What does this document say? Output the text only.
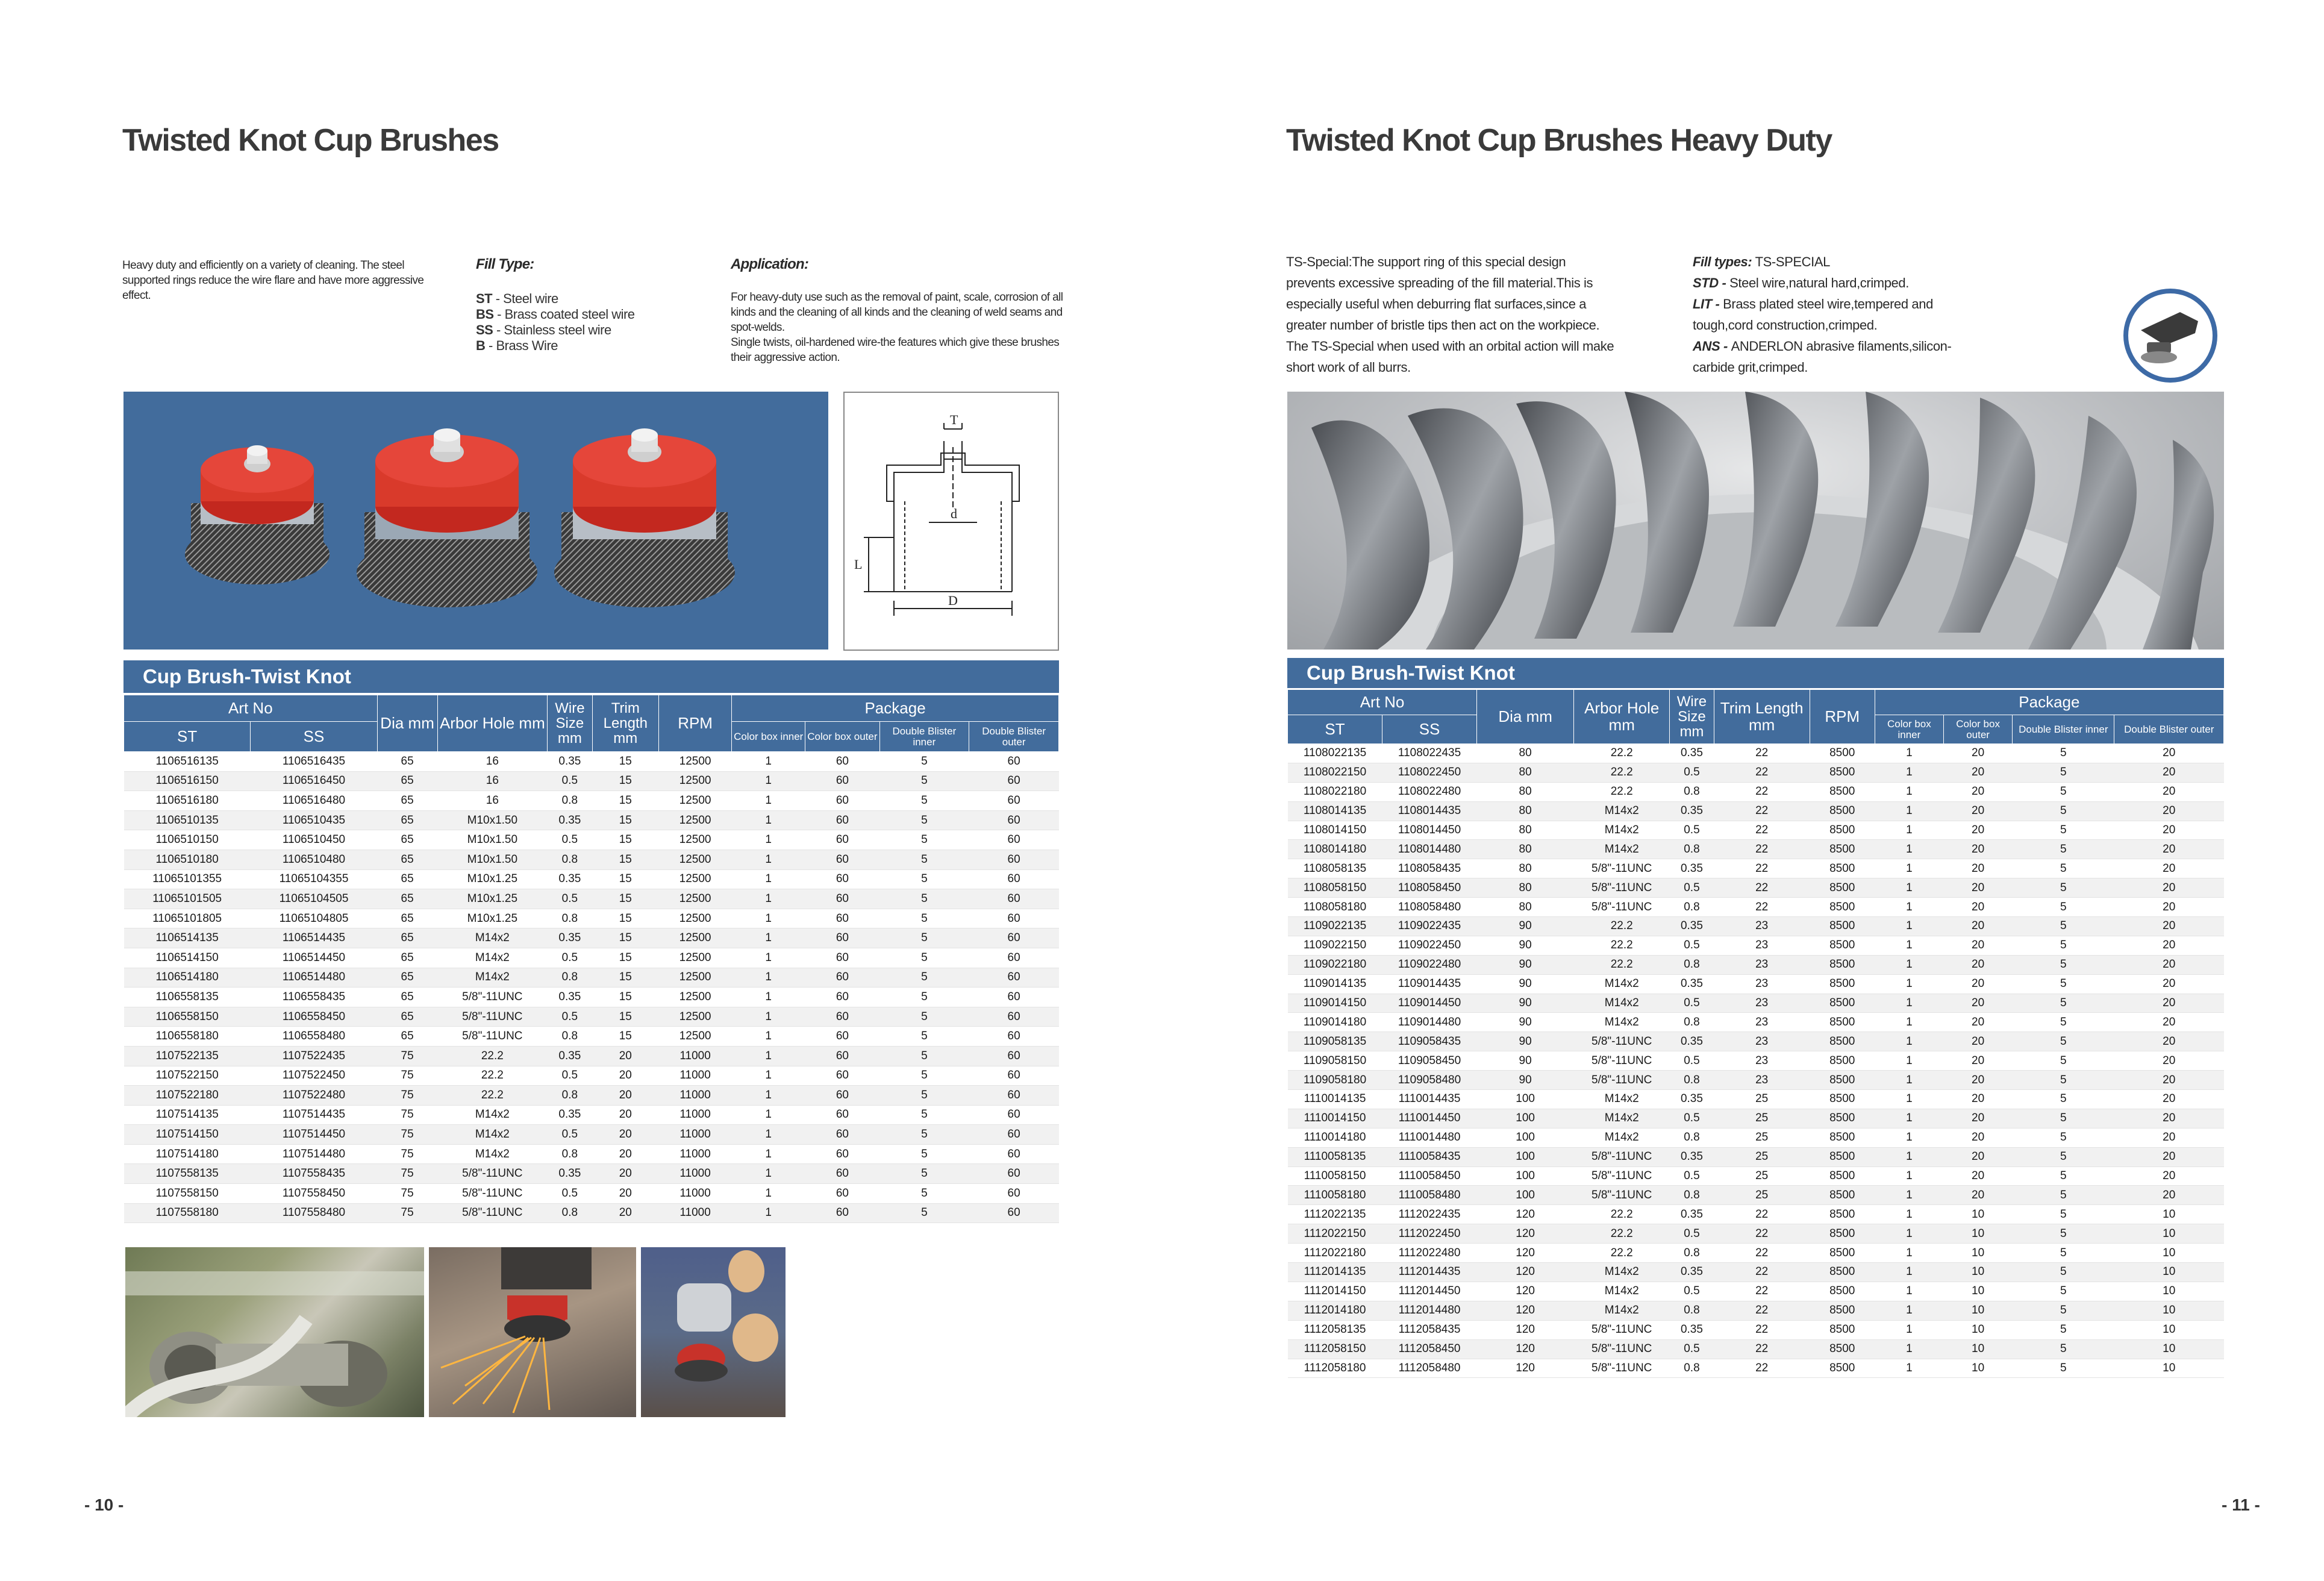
Twisted Knot Cup Brushes
Heavy duty and efficiently on a variety of cleaning. The steel supported rings reduce the wire flare and have more aggressive effect.
Fill Type:
ST - Steel wire
BS - Brass coated steel wire
SS - Stainless steel wire
B - Brass Wire
Application:
For heavy-duty use such as the removal of paint, scale, corrosion of all kinds and the cleaning of all kinds and the cleaning of weld seams and spot-welds.
Single twists, oil-hardened wire-the features which give these brushes their aggressive action.
T
d
L
D
Cup Brush-Twist Knot
Art No		Dia mm	Arbor Hole mm	Wire Size mm	Trim Length mm	RPM	Package			
ST	SS						Color box inner	Color box outer	Double Blister inner	Double Blister outer
1106516135	1106516435	65	16	0.35	15	12500	1	60	5	60
1106516150	1106516450	65	16	0.5	15	12500	1	60	5	60
1106516180	1106516480	65	16	0.8	15	12500	1	60	5	60
1106510135	1106510435	65	M10x1.50	0.35	15	12500	1	60	5	60
1106510150	1106510450	65	M10x1.50	0.5	15	12500	1	60	5	60
1106510180	1106510480	65	M10x1.50	0.8	15	12500	1	60	5	60
11065101355	11065104355	65	M10x1.25	0.35	15	12500	1	60	5	60
11065101505	11065104505	65	M10x1.25	0.5	15	12500	1	60	5	60
11065101805	11065104805	65	M10x1.25	0.8	15	12500	1	60	5	60
1106514135	1106514435	65	M14x2	0.35	15	12500	1	60	5	60
1106514150	1106514450	65	M14x2	0.5	15	12500	1	60	5	60
1106514180	1106514480	65	M14x2	0.8	15	12500	1	60	5	60
1106558135	1106558435	65	5/8"-11UNC	0.35	15	12500	1	60	5	60
1106558150	1106558450	65	5/8"-11UNC	0.5	15	12500	1	60	5	60
1106558180	1106558480	65	5/8"-11UNC	0.8	15	12500	1	60	5	60
1107522135	1107522435	75	22.2	0.35	20	11000	1	60	5	60
1107522150	1107522450	75	22.2	0.5	20	11000	1	60	5	60
1107522180	1107522480	75	22.2	0.8	20	11000	1	60	5	60
1107514135	1107514435	75	M14x2	0.35	20	11000	1	60	5	60
1107514150	1107514450	75	M14x2	0.5	20	11000	1	60	5	60
1107514180	1107514480	75	M14x2	0.8	20	11000	1	60	5	60
1107558135	1107558435	75	5/8"-11UNC	0.35	20	11000	1	60	5	60
1107558150	1107558450	75	5/8"-11UNC	0.5	20	11000	1	60	5	60
1107558180	1107558480	75	5/8"-11UNC	0.8	20	11000	1	60	5	60
- 10 -
Twisted Knot Cup Brushes Heavy Duty
TS-Special:The support ring of this special design prevents excessive spreading of the fill material.This is especially useful when deburring flat surfaces,since a greater number of bristle tips then act on the workpiece. The TS-Special when used with an orbital action will make short work of all burrs.
Fill types: TS-SPECIAL
STD - Steel wire,natural hard,crimped.
LIT - Brass plated steel wire,tempered and tough,cord construction,crimped.
ANS - ANDERLON abrasive filaments,silicon-carbide grit,crimped.
Cup Brush-Twist Knot
Art No		Dia mm	Arbor Hole mm	Wire Size mm	Trim Length mm	RPM	Package			
ST	SS						Color box inner	Color box outer	Double Blister inner	Double Blister outer
1108022135	1108022435	80	22.2	0.35	22	8500	1	20	5	20
1108022150	1108022450	80	22.2	0.5	22	8500	1	20	5	20
1108022180	1108022480	80	22.2	0.8	22	8500	1	20	5	20
1108014135	1108014435	80	M14x2	0.35	22	8500	1	20	5	20
1108014150	1108014450	80	M14x2	0.5	22	8500	1	20	5	20
1108014180	1108014480	80	M14x2	0.8	22	8500	1	20	5	20
1108058135	1108058435	80	5/8"-11UNC	0.35	22	8500	1	20	5	20
1108058150	1108058450	80	5/8"-11UNC	0.5	22	8500	1	20	5	20
1108058180	1108058480	80	5/8"-11UNC	0.8	22	8500	1	20	5	20
1109022135	1109022435	90	22.2	0.35	23	8500	1	20	5	20
1109022150	1109022450	90	22.2	0.5	23	8500	1	20	5	20
1109022180	1109022480	90	22.2	0.8	23	8500	1	20	5	20
1109014135	1109014435	90	M14x2	0.35	23	8500	1	20	5	20
1109014150	1109014450	90	M14x2	0.5	23	8500	1	20	5	20
1109014180	1109014480	90	M14x2	0.8	23	8500	1	20	5	20
1109058135	1109058435	90	5/8"-11UNC	0.35	23	8500	1	20	5	20
1109058150	1109058450	90	5/8"-11UNC	0.5	23	8500	1	20	5	20
1109058180	1109058480	90	5/8"-11UNC	0.8	23	8500	1	20	5	20
1110014135	1110014435	100	M14x2	0.35	25	8500	1	20	5	20
1110014150	1110014450	100	M14x2	0.5	25	8500	1	20	5	20
1110014180	1110014480	100	M14x2	0.8	25	8500	1	20	5	20
1110058135	1110058435	100	5/8"-11UNC	0.35	25	8500	1	20	5	20
1110058150	1110058450	100	5/8"-11UNC	0.5	25	8500	1	20	5	20
1110058180	1110058480	100	5/8"-11UNC	0.8	25	8500	1	20	5	20
1112022135	1112022435	120	22.2	0.35	22	8500	1	10	5	10
1112022150	1112022450	120	22.2	0.5	22	8500	1	10	5	10
1112022180	1112022480	120	22.2	0.8	22	8500	1	10	5	10
1112014135	1112014435	120	M14x2	0.35	22	8500	1	10	5	10
1112014150	1112014450	120	M14x2	0.5	22	8500	1	10	5	10
1112014180	1112014480	120	M14x2	0.8	22	8500	1	10	5	10
1112058135	1112058435	120	5/8"-11UNC	0.35	22	8500	1	10	5	10
1112058150	1112058450	120	5/8"-11UNC	0.5	22	8500	1	10	5	10
1112058180	1112058480	120	5/8"-11UNC	0.8	22	8500	1	10	5	10
- 11 -
